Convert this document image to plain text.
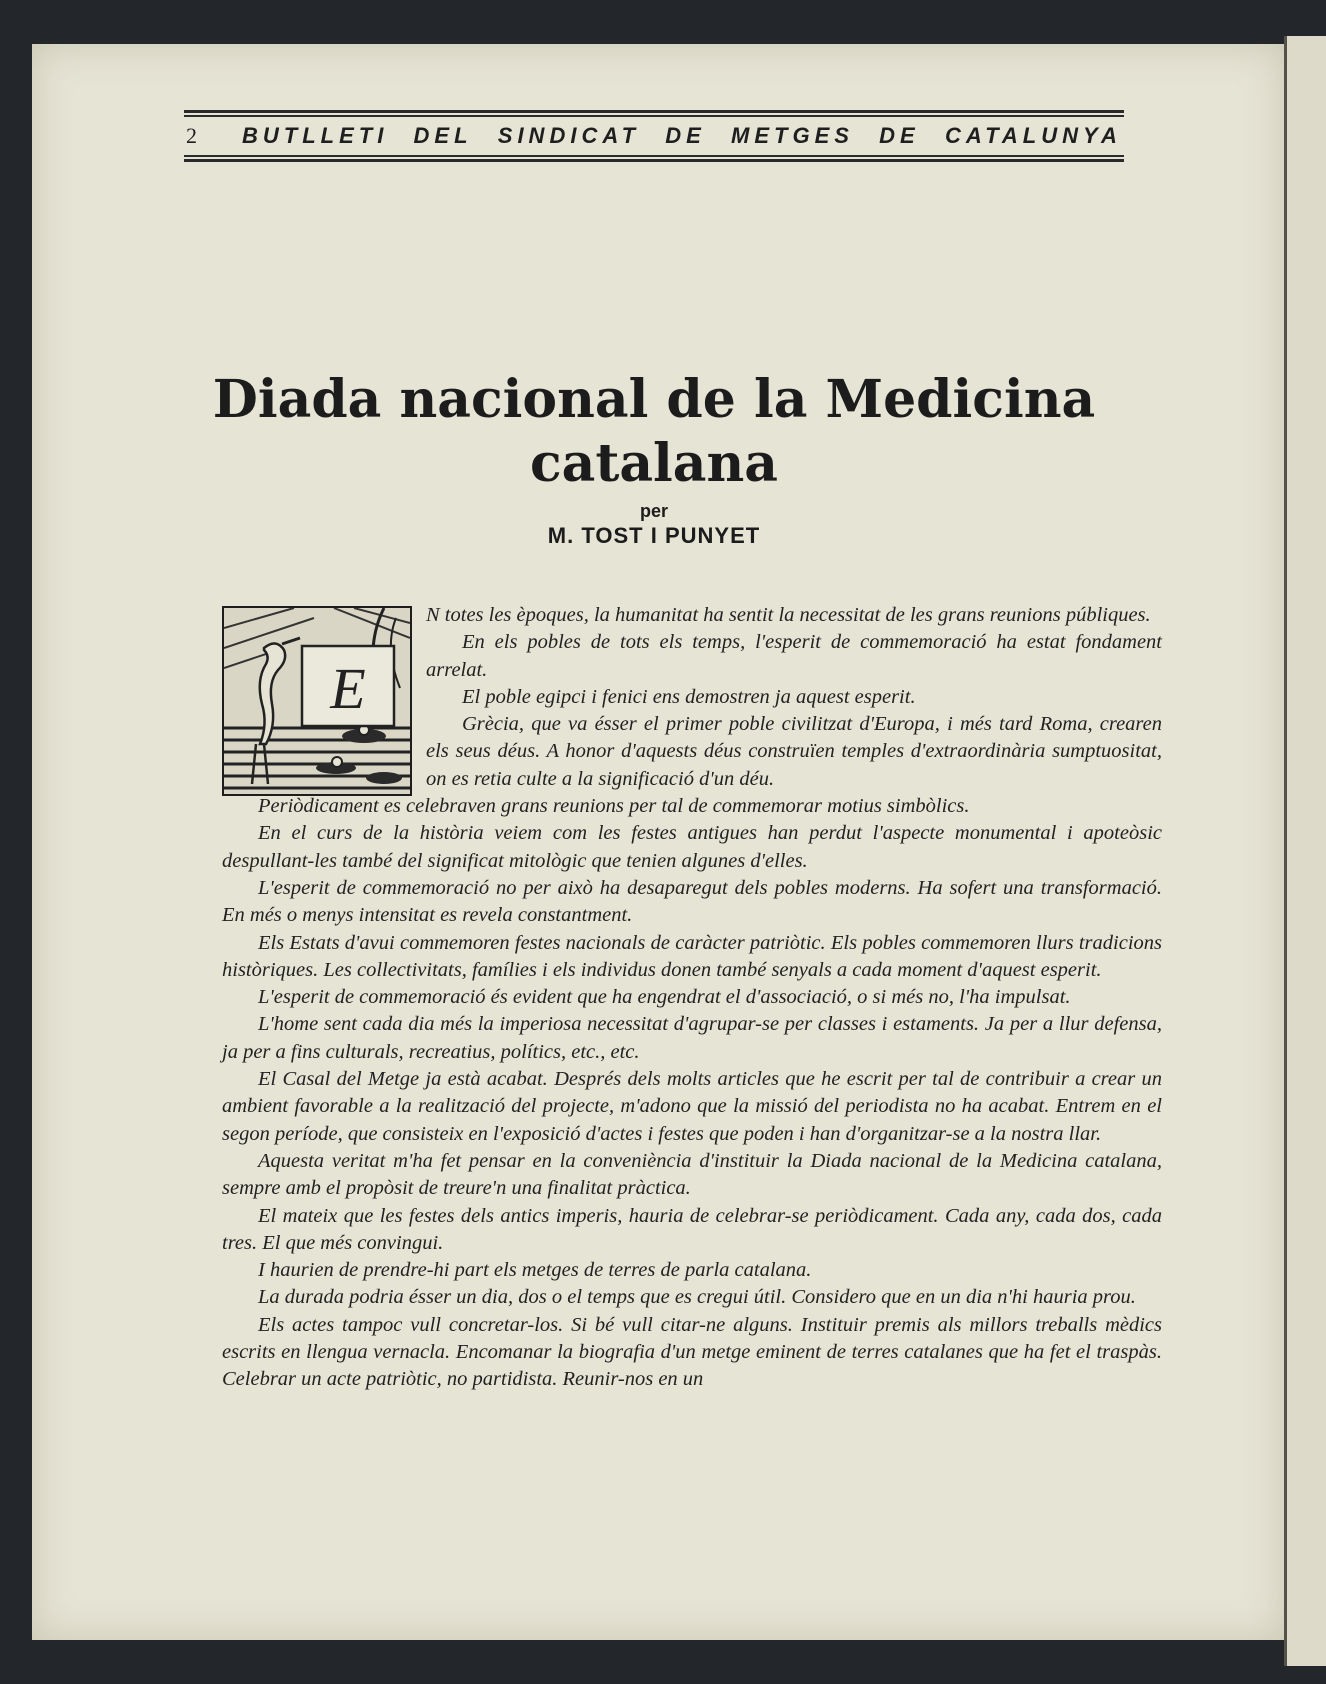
2	BUTLLETI DEL SINDICAT DE METGES DE CATALUNYA
Diada nacional de la Medicina catalana
per
M. TOST I PUNYET
E

N totes les èpoques, la humanitat ha sentit la necessitat de les grans reunions públiques.

En els pobles de tots els temps, l'esperit de commemoració ha estat fondament arrelat.

El poble egipci i fenici ens demostren ja aquest esperit.

Grècia, que va ésser el primer poble civilitzat d'Europa, i més tard Roma, crearen els seus déus. A honor d'aquests déus construïen temples d'extraordinària sumptuositat, on es retia culte a la significació d'un déu.

Periòdicament es celebraven grans reunions per tal de commemorar motius simbòlics.

En el curs de la història veiem com les festes antigues han perdut l'aspecte monumental i apoteòsic despullant-les també del significat mitològic que tenien algunes d'elles.

L'esperit de commemoració no per això ha desaparegut dels pobles moderns. Ha sofert una transformació. En més o menys intensitat es revela constantment.

Els Estats d'avui commemoren festes nacionals de caràcter patriòtic. Els pobles commemoren llurs tradicions històriques. Les collectivitats, famílies i els individus donen també senyals a cada moment d'aquest esperit.

L'esperit de commemoració és evident que ha engendrat el d'associació, o si més no, l'ha impulsat.

L'home sent cada dia més la imperiosa necessitat d'agrupar-se per classes i estaments. Ja per a llur defensa, ja per a fins culturals, recreatius, polítics, etc., etc.

El Casal del Metge ja està acabat. Després dels molts articles que he escrit per tal de contribuir a crear un ambient favorable a la realització del projecte, m'adono que la missió del periodista no ha acabat. Entrem en el segon període, que consisteix en l'exposició d'actes i festes que poden i han d'organitzar-se a la nostra llar.

Aquesta veritat m'ha fet pensar en la conveniència d'instituir la Diada nacional de la Medicina catalana, sempre amb el propòsit de treure'n una finalitat pràctica.

El mateix que les festes dels antics imperis, hauria de celebrar-se periòdicament. Cada any, cada dos, cada tres. El que més convingui.

I haurien de prendre-hi part els metges de terres de parla catalana.

La durada podria ésser un dia, dos o el temps que es cregui útil. Considero que en un dia n'hi hauria prou.

Els actes tampoc vull concretar-los. Si bé vull citar-ne alguns. Instituir premis als millors treballs mèdics escrits en llengua vernacla. Encomanar la biografia d'un metge eminent de terres catalanes que ha fet el traspàs. Celebrar un acte patriòtic, no partidista. Reunir-nos en un
